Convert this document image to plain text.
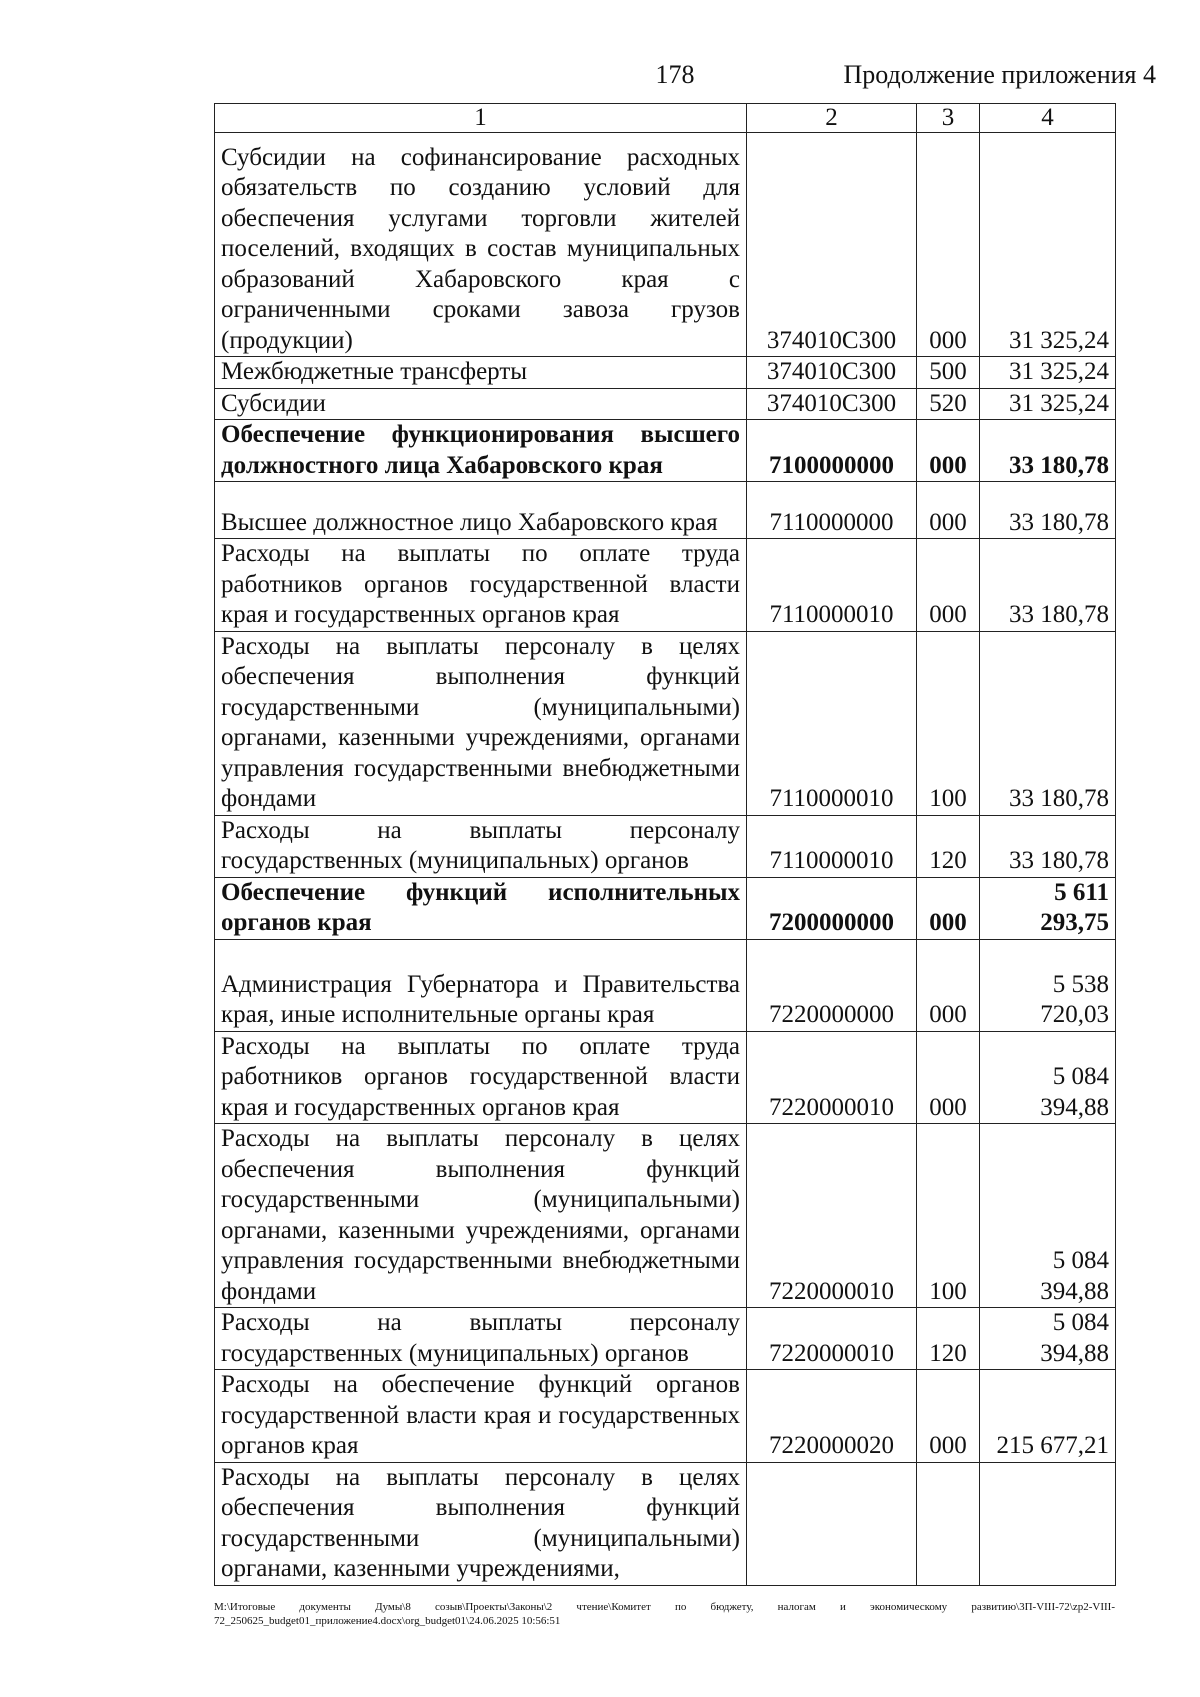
178	Продолжение приложения 4
1	2	3	4
Субсидии на софинансирование расходных обязательств по созданию условий для обеспечения услугами торговли жителей поселений, входящих в состав муниципальных образований Хабаровского края с ограниченными сроками завоза грузов (продукции)	374010С300	000	31 325,24
Межбюджетные трансферты	374010С300	500	31 325,24
Субсидии	374010С300	520	31 325,24
Обеспечение функционирования высшего должностного лица Хабаровского края	7100000000	000	33 180,78
Высшее должностное лицо Хабаровского края	7110000000	000	33 180,78
Расходы на выплаты по оплате труда работников органов государственной власти края и государственных органов края	7110000010	000	33 180,78
Расходы на выплаты персоналу в целях обеспечения выполнения функций государственными (муниципальными) органами, казенными учреждениями, органами управления государственными внебюджетными фондами	7110000010	100	33 180,78
Расходы на выплаты персоналу государственных (муниципальных) органов	7110000010	120	33 180,78
Обеспечение функций исполнительных органов края	7200000000	000	5 611 293,75
Администрация Губернатора и Правительства края, иные исполнительные органы края	7220000000	000	5 538 720,03
Расходы на выплаты по оплате труда работников органов государственной власти края и государственных органов края	7220000010	000	5 084 394,88
Расходы на выплаты персоналу в целях обеспечения выполнения функций государственными (муниципальными) органами, казенными учреждениями, органами управления государственными внебюджетными фондами	7220000010	100	5 084 394,88
Расходы на выплаты персоналу государственных (муниципальных) органов	7220000010	120	5 084 394,88
Расходы на обеспечение функций органов государственной власти края и государственных органов края	7220000020	000	215 677,21
Расходы на выплаты персоналу в целях обеспечения выполнения функций государственными (муниципальными) органами, казенными учреждениями,			
M:\Итоговые документы Думы\8 созыв\Проекты\Законы\2 чтение\Комитет по бюджету, налогам и экономическому развитию\3П-VIII-72\zp2-VIII-72_250625_budget01_приложение4.docx\org_budget01\24.06.2025 10:56:51
